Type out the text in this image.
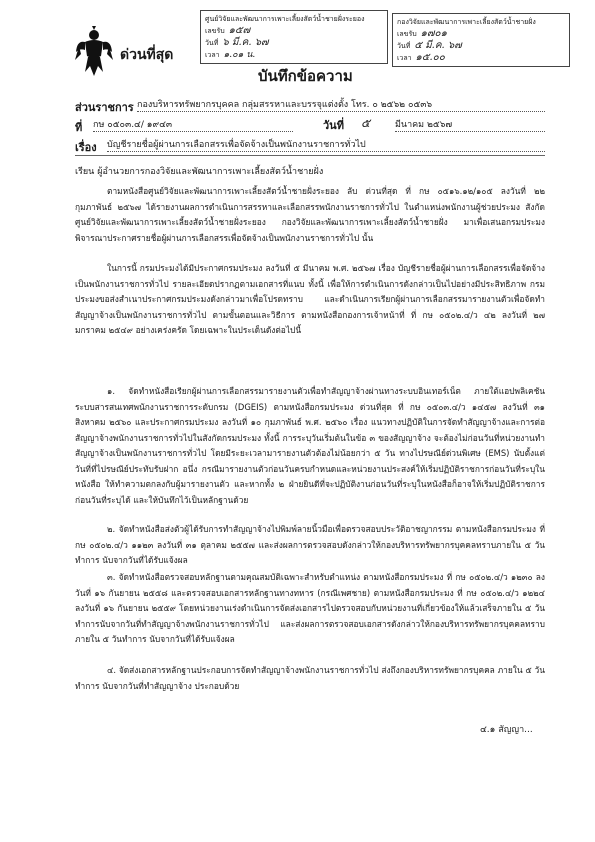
ศูนย์วิจัยและพัฒนาการเพาะเลี้ยงสัตว์น้ำชายฝั่งระยอง
เลขรับ ๑๕๗
วันที่ ๖ มี.ค. ๖๗
เวลา ๑.๐๑ น.
กองวิจัยและพัฒนาการเพาะเลี้ยงสัตว์น้ำชายฝั่ง
เลขรับ ๑๗๐๑
วันที่ ๕ มี.ค. ๖๗
เวลา ๑๕.๐๐
ด่วนที่สุด
บันทึกข้อความ
ส่วนราชการ กองบริหารทรัพยากรบุคคล กลุ่มสรรหาและบรรจุแต่งตั้ง โทร. ๐ ๒๕๖๒ ๐๕๓๖
ที่ กษ ๐๕๐๓.๔/ ๑๙๔๓	วันที่ ๕	มีนาคม ๒๕๖๗
เรื่อง บัญชีรายชื่อผู้ผ่านการเลือกสรรเพื่อจัดจ้างเป็นพนักงานราชการทั่วไป
เรียน ผู้อำนวยการกองวิจัยและพัฒนาการเพาะเลี้ยงสัตว์น้ำชายฝั่ง
ตามหนังสือศูนย์วิจัยและพัฒนาการเพาะเลี้ยงสัตว์น้ำชายฝั่งระยอง ลับ ด่วนที่สุด ที่ กษ ๐๕๑๖.๑๒/๑๐๕ ลงวันที่ ๒๒ กุมภาพันธ์ ๒๕๖๗ ได้รายงานผลการดำเนินการสรรหาและเลือกสรรพนักงานราชการทั่วไป ในตำแหน่งพนักงานผู้ช่วยประมง สังกัด ศูนย์วิจัยและพัฒนาการเพาะเลี้ยงสัตว์น้ำชายฝั่งระยอง กองวิจัยและพัฒนาการเพาะเลี้ยงสัตว์น้ำชายฝั่ง มาเพื่อเสนอกรมประมงพิจารณาประกาศรายชื่อผู้ผ่านการเลือกสรรเพื่อจัดจ้างเป็นพนักงานราชการทั่วไป นั้น
ในการนี้ กรมประมงได้มีประกาศกรมประมง ลงวันที่ ๕ มีนาคม พ.ศ. ๒๕๖๗ เรื่อง บัญชีรายชื่อผู้ผ่านการเลือกสรรเพื่อจัดจ้างเป็นพนักงานราชการทั่วไป รายละเอียดปรากฏตามเอกสารที่แนบ ทั้งนี้ เพื่อให้การดำเนินการดังกล่าวเป็นไปอย่างมีประสิทธิภาพ กรมประมงขอส่งสำเนาประกาศกรมประมงดังกล่าวมาเพื่อโปรดทราบ และดำเนินการเรียกผู้ผ่านการเลือกสรรมารายงานตัวเพื่อจัดทำสัญญาจ้างเป็นพนักงานราชการทั่วไป ตามขั้นตอนและวิธีการ ตามหนังสือกองการเจ้าหน้าที่ ที่ กษ ๐๕๐๒.๔/ว ๔๒ ลงวันที่ ๒๗ มกราคม ๒๕๔๙ อย่างเคร่งครัด โดยเฉพาะในประเด็นดังต่อไปนี้
๑. จัดทำหนังสือเรียกผู้ผ่านการเลือกสรรมารายงานตัวเพื่อทำสัญญาจ้างผ่านทางระบบอินเทอร์เน็ต ภายใต้แอปพลิเคชัน ระบบสารสนเทศพนักงานราชการระดับกรม (DGEIS) ตามหนังสือกรมประมง ด่วนที่สุด ที่ กษ ๐๕๐๓.๔/ว ๑๔๕๗ ลงวันที่ ๓๑ สิงหาคม ๒๕๖๐ และประกาศกรมประมง ลงวันที่ ๑๐ กุมภาพันธ์ พ.ศ. ๒๕๖๐ เรื่อง แนวทางปฏิบัติในการจัดทำสัญญาจ้างและการต่อสัญญาจ้างพนักงานราชการทั่วไปในสังกัดกรมประมง ทั้งนี้ การระบุวันเริ่มต้นในข้อ ๓ ของสัญญาจ้าง จะต้องไม่ก่อนวันที่หน่วยงานทำสัญญาจ้างเป็นพนักงานราชการทั่วไป โดยมีระยะเวลามารายงานตัวต้องไม่น้อยกว่า ๕ วัน ทางไปรษณีย์ด่วนพิเศษ (EMS) นับตั้งแต่วันที่ที่ไปรษณีย์ประทับรับฝาก อนึ่ง กรณีมารายงานตัวก่อนวันครบกำหนดและหน่วยงานประสงค์ให้เริ่มปฏิบัติราชการก่อนวันที่ระบุในหนังสือ ให้ทำความตกลงกับผู้มารายงานตัว และหากทั้ง ๒ ฝ่ายยินดีที่จะปฏิบัติงานก่อนวันที่ระบุในหนังสือก็อาจให้เริ่มปฏิบัติราชการก่อนวันที่ระบุได้ และให้บันทึกไว้เป็นหลักฐานด้วย
๒. จัดทำหนังสือส่งตัวผู้ได้รับการทำสัญญาจ้างไปพิมพ์ลายนิ้วมือเพื่อตรวจสอบประวัติอาชญากรรม ตามหนังสือกรมประมง ที่ กษ ๐๕๐๒.๔/ว ๑๑๒๓ ลงวันที่ ๓๑ ตุลาคม ๒๕๕๗ และส่งผลการตรวจสอบดังกล่าวให้กองบริหารทรัพยากรบุคคลทราบภายใน ๕ วันทำการ นับจากวันที่ได้รับแจ้งผล
๓. จัดทำหนังสือตรวจสอบหลักฐานตามคุณสมบัติเฉพาะสำหรับตำแหน่ง ตามหนังสือกรมประมง ที่ กษ ๐๕๐๒.๔/ว ๑๒๓๐ ลงวันที่ ๑๖ กันยายน ๒๕๕๘ และตรวจสอบเอกสารหลักฐานทางทหาร (กรณีเพศชาย) ตามหนังสือกรมประมง ที่ กษ ๐๕๐๒.๔/ว ๑๒๒๔ ลงวันที่ ๑๖ กันยายน ๒๕๕๙ โดยหน่วยงานเร่งดำเนินการจัดส่งเอกสารไปตรวจสอบกับหน่วยงานที่เกี่ยวข้องให้แล้วเสร็จภายใน ๕ วันทำการนับจากวันที่ทำสัญญาจ้างพนักงานราชการทั่วไป และส่งผลการตรวจสอบเอกสารดังกล่าวให้กองบริหารทรัพยากรบุคคลทราบภายใน ๕ วันทำการ นับจากวันที่ได้รับแจ้งผล
๔. จัดส่งเอกสารหลักฐานประกอบการจัดทำสัญญาจ้างพนักงานราชการทั่วไป ส่งถึงกองบริหารทรัพยากรบุคคล ภายใน ๕ วันทำการ นับจากวันที่ทำสัญญาจ้าง ประกอบด้วย
๔.๑ สัญญา...
